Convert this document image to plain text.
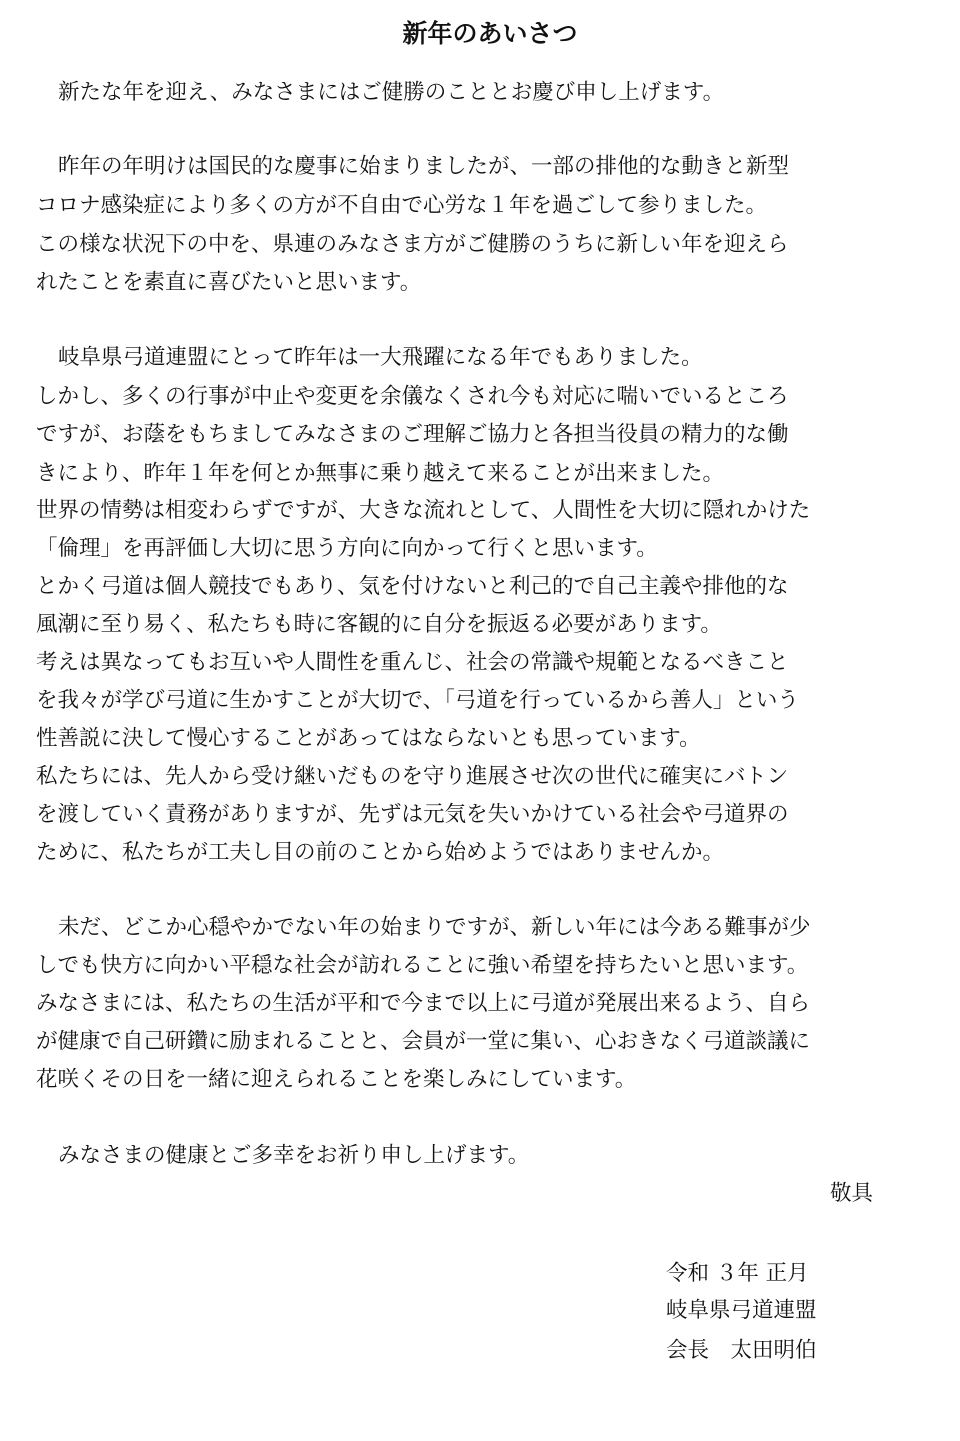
新年のあいさつ

新たな年を迎え、みなさまにはご健勝のこととお慶び申し上げます。

昨年の年明けは国民的な慶事に始まりましたが、一部の排他的な動きと新型

コロナ感染症により多くの方が不自由で心労な１年を過ごして参りました。

この様な状況下の中を、県連のみなさま方がご健勝のうちに新しい年を迎えら

れたことを素直に喜びたいと思います。

岐阜県弓道連盟にとって昨年は一大飛躍になる年でもありました。

しかし、多くの行事が中止や変更を余儀なくされ今も対応に喘いでいるところ

ですが、お蔭をもちましてみなさまのご理解ご協力と各担当役員の精力的な働

きにより、昨年１年を何とか無事に乗り越えて来ることが出来ました。

世界の情勢は相変わらずですが、大きな流れとして、人間性を大切に隠れかけた

「倫理」を再評価し大切に思う方向に向かって行くと思います。

とかく弓道は個人競技でもあり、気を付けないと利己的で自己主義や排他的な

風潮に至り易く、私たちも時に客観的に自分を振返る必要があります。

考えは異なってもお互いや人間性を重んじ、社会の常識や規範となるべきこと

を我々が学び弓道に生かすことが大切で、「弓道を行っているから善人」という

性善説に決して慢心することがあってはならないとも思っています。

私たちには、先人から受け継いだものを守り進展させ次の世代に確実にバトン

を渡していく責務がありますが、先ずは元気を失いかけている社会や弓道界の

ために、私たちが工夫し目の前のことから始めようではありませんか。

未だ、どこか心穏やかでない年の始まりですが、新しい年には今ある難事が少

しでも快方に向かい平穏な社会が訪れることに強い希望を持ちたいと思います。

みなさまには、私たちの生活が平和で今まで以上に弓道が発展出来るよう、自ら

が健康で自己研鑽に励まれることと、会員が一堂に集い、心おきなく弓道談議に

花咲くその日を一緒に迎えられることを楽しみにしています。

みなさまの健康とご多幸をお祈り申し上げます。

敬具

令和 ３年 正月

岐阜県弓道連盟

会長　太田明伯
